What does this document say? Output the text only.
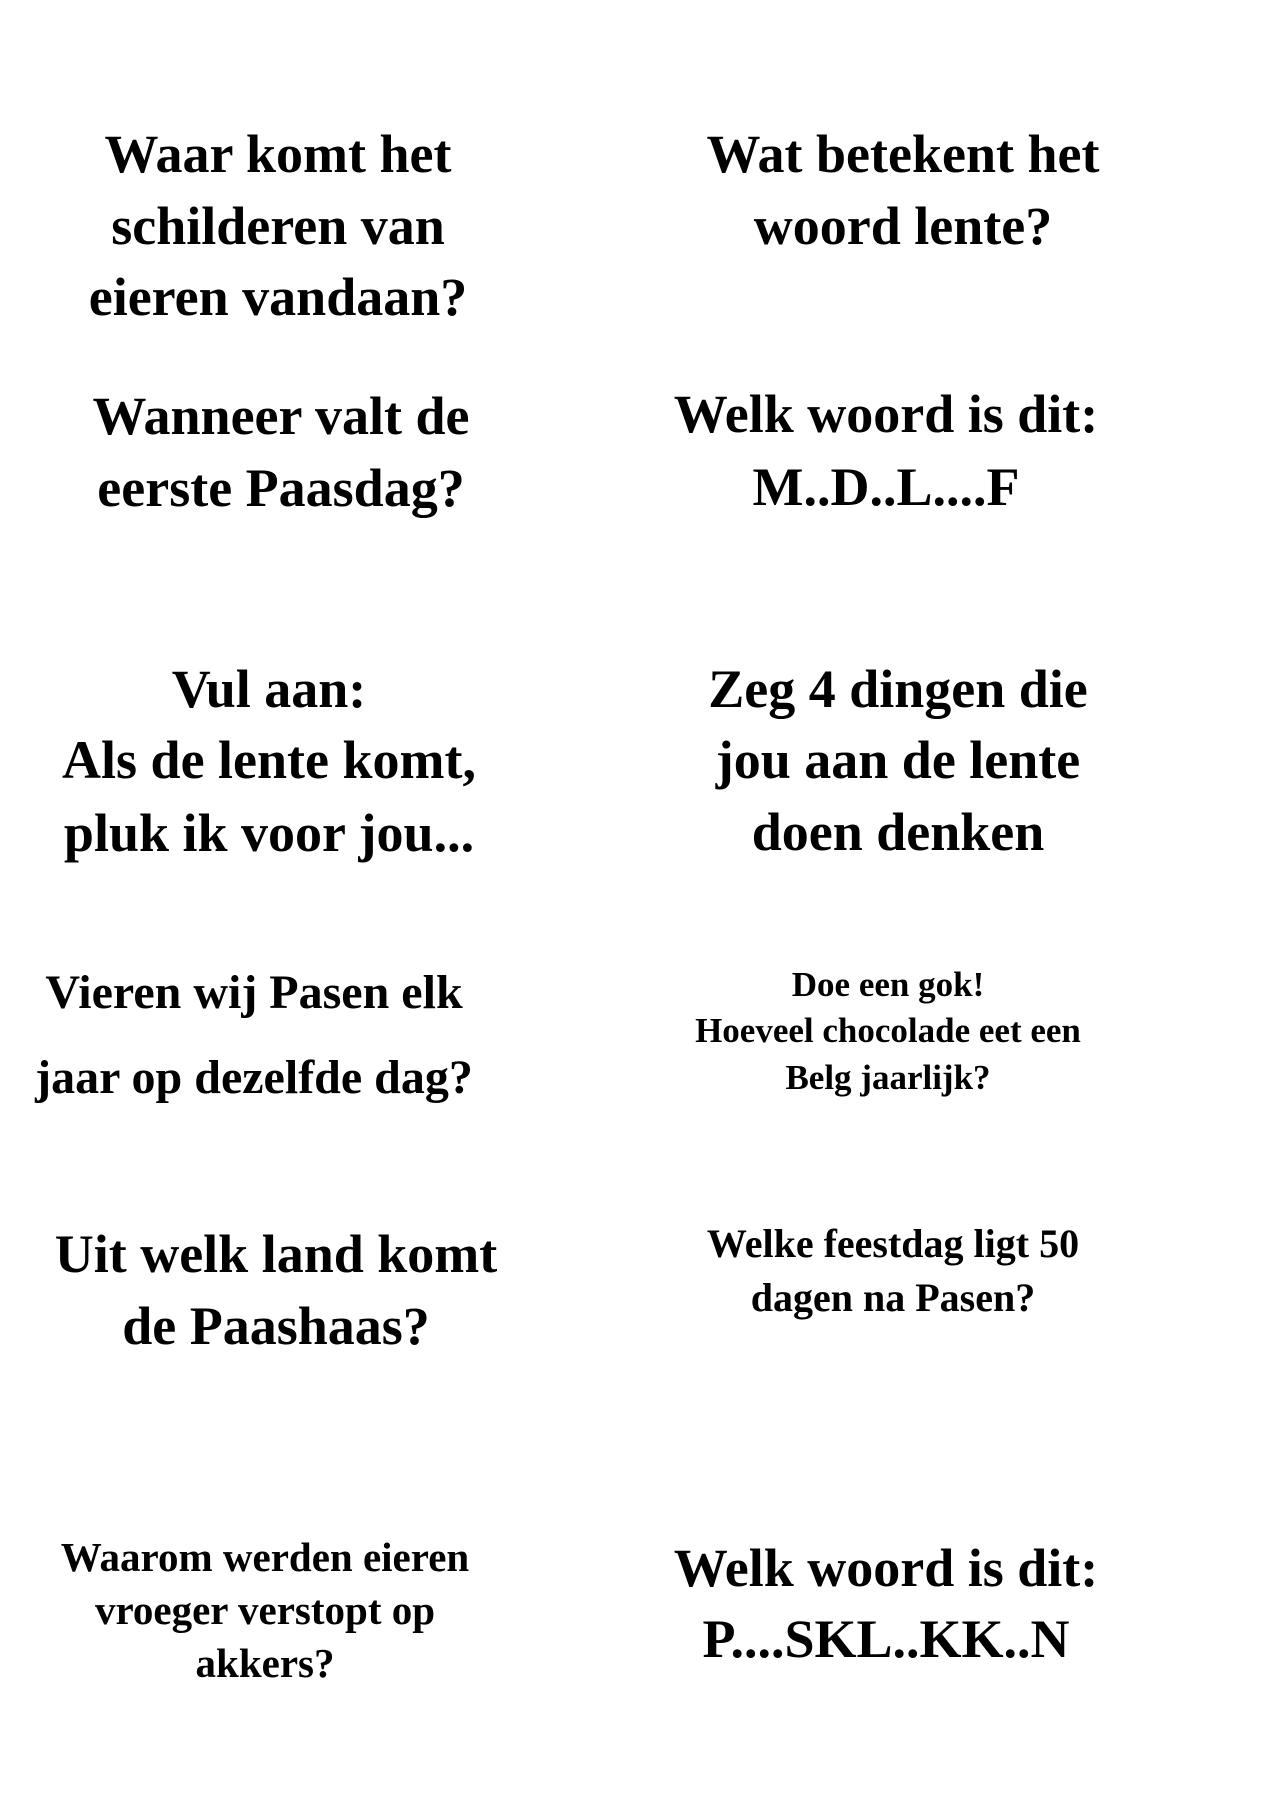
Waar komt het
schilderen van
eieren vandaan?
Wat betekent het
woord lente?
Wanneer valt de
eerste Paasdag?
Welk woord is dit:
M..D..L....F
Vul aan:
Als de lente komt,
pluk ik voor jou...
Zeg 4 dingen die
jou aan de lente
doen denken
Vieren wij Pasen elk
jaar op dezelfde dag?
Doe een gok!
Hoeveel chocolade eet een
Belg jaarlijk?
Uit welk land komt
de Paashaas?
Welke feestdag ligt 50
dagen na Pasen?
Waarom werden eieren
vroeger verstopt op
akkers?
Welk woord is dit:
P....SKL..KK..N
